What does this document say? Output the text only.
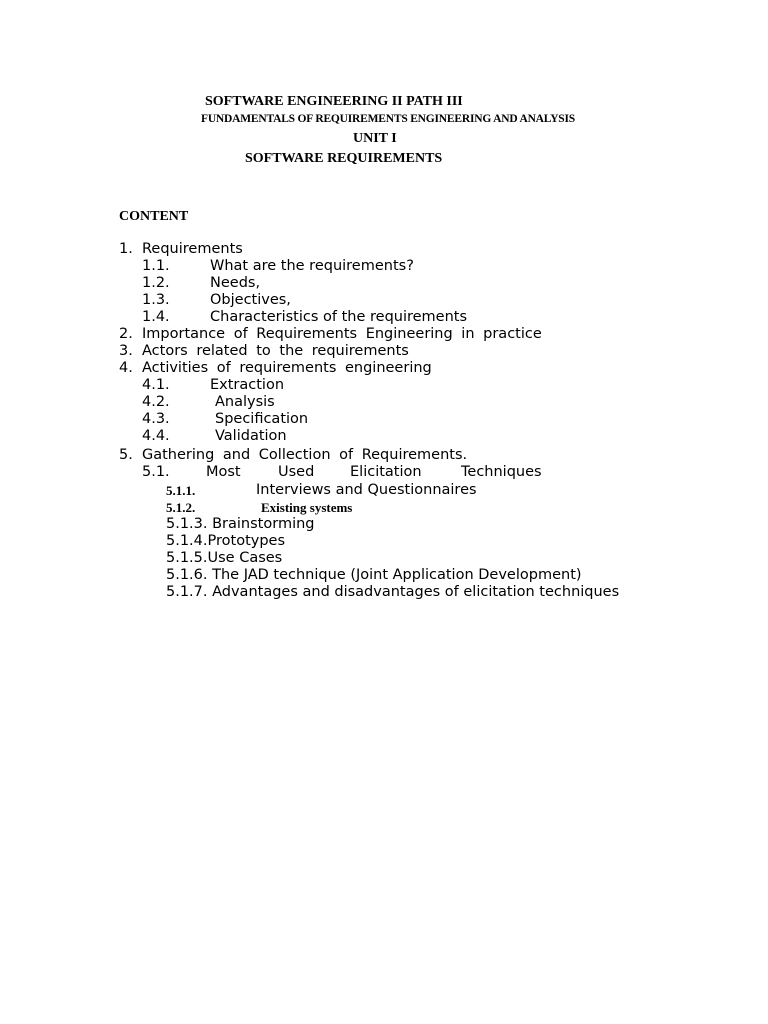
SOFTWARE ENGINEERING II PATH III
FUNDAMENTALS OF REQUIREMENTS ENGINEERING AND ANALYSIS
UNIT I
SOFTWARE REQUIREMENTS
CONTENT
1. Requirements
1.1.	What are the requirements?
1.2.	Needs,
1.3.	Objectives,
1.4.	Characteristics of the requirements
2. Importance of Requirements Engineering in practice
3. Actors related to the requirements
4. Activities of requirements engineering
4.1.	Extraction
4.2.	Analysis
4.3.	Specification
4.4.	Validation
5. Gathering and Collection of Requirements.
5.1.	Most	Used Elicitation	Techniques
5.1.1.	Interviews and Questionnaires
5.1.2.	Existing systems
5.1.3. Brainstorming
5.1.4.Prototypes
5.1.5.Use Cases
5.1.6. The JAD technique (Joint Application Development)
5.1.7. Advantages and disadvantages of elicitation techniques
